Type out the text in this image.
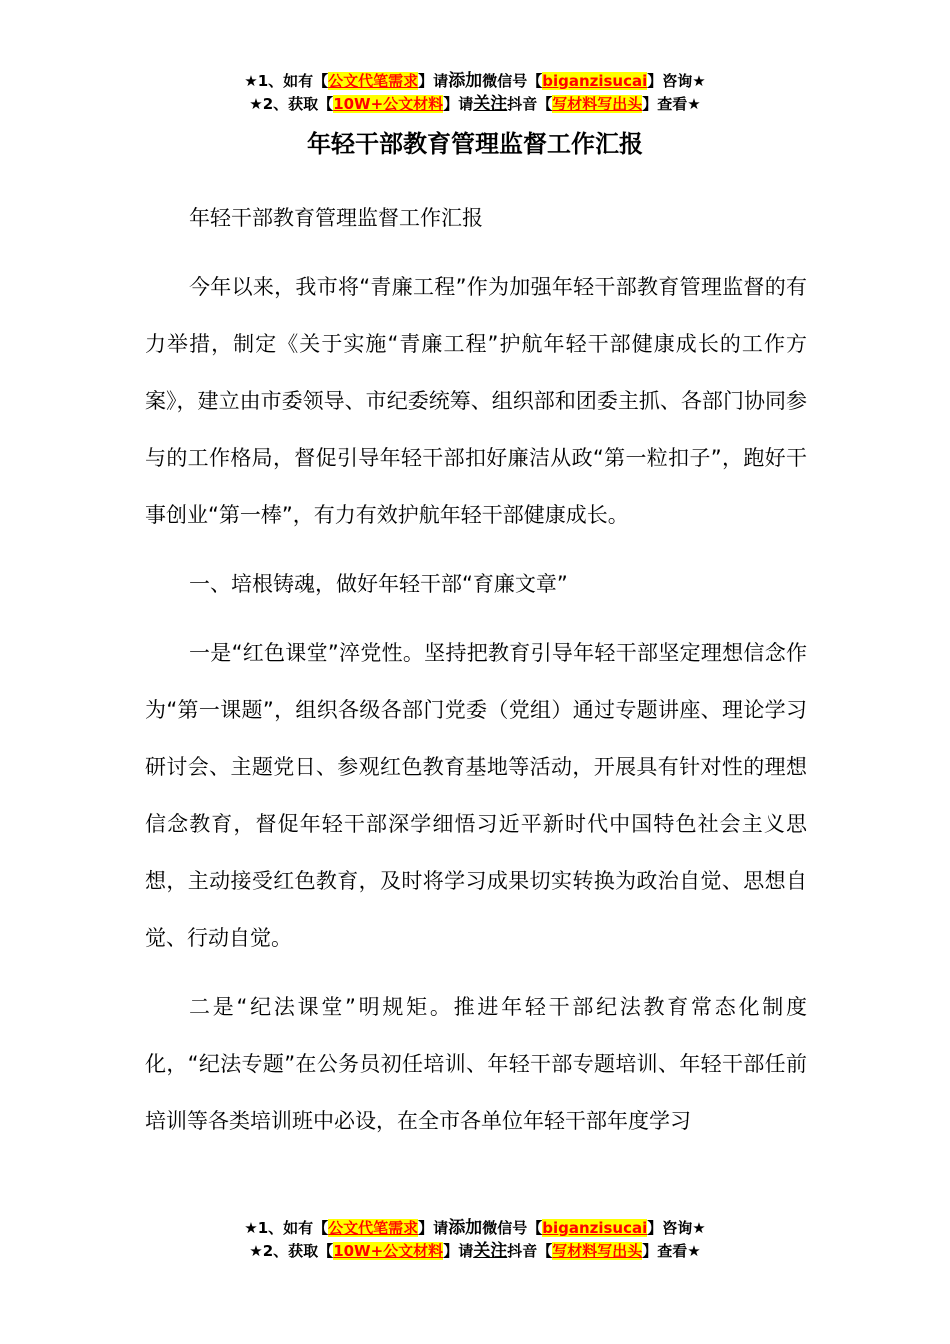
★1、如有【公文代笔需求】请添加微信号【biganzisucai】咨询★
★2、获取【10W+公文材料】请关注抖音【写材料写出头】查看★
年轻干部教育管理监督工作汇报

年轻干部教育管理监督工作汇报

今年以来，我市将“青廉工程”作为加强年轻干部教育管理监督的有力举措，制定《关于实施“青廉工程”护航年轻干部健康成长的工作方案》，建立由市委领导、市纪委统筹、组织部和团委主抓、各部门协同参与的工作格局，督促引导年轻干部扣好廉洁从政“第一粒扣子”，跑好干事创业“第一棒”，有力有效护航年轻干部健康成长。

一、培根铸魂，做好年轻干部“育廉文章”

一是“红色课堂”淬党性。坚持把教育引导年轻干部坚定理想信念作为“第一课题”，组织各级各部门党委（党组）通过专题讲座、理论学习研讨会、主题党日、参观红色教育基地等活动，开展具有针对性的理想信念教育，督促年轻干部深学细悟习近平新时代中国特色社会主义思想，主动接受红色教育，及时将学习成果切实转换为政治自觉、思想自觉、行动自觉。

二是“纪法课堂”明规矩。推进年轻干部纪法教育常态化制度化，“纪法专题”在公务员初任培训、年轻干部专题培训、年轻干部任前培训等各类培训班中必设，在全市各单位年轻干部年度学习

★1、如有【公文代笔需求】请添加微信号【biganzisucai】咨询★
★2、获取【10W+公文材料】请关注抖音【写材料写出头】查看★
